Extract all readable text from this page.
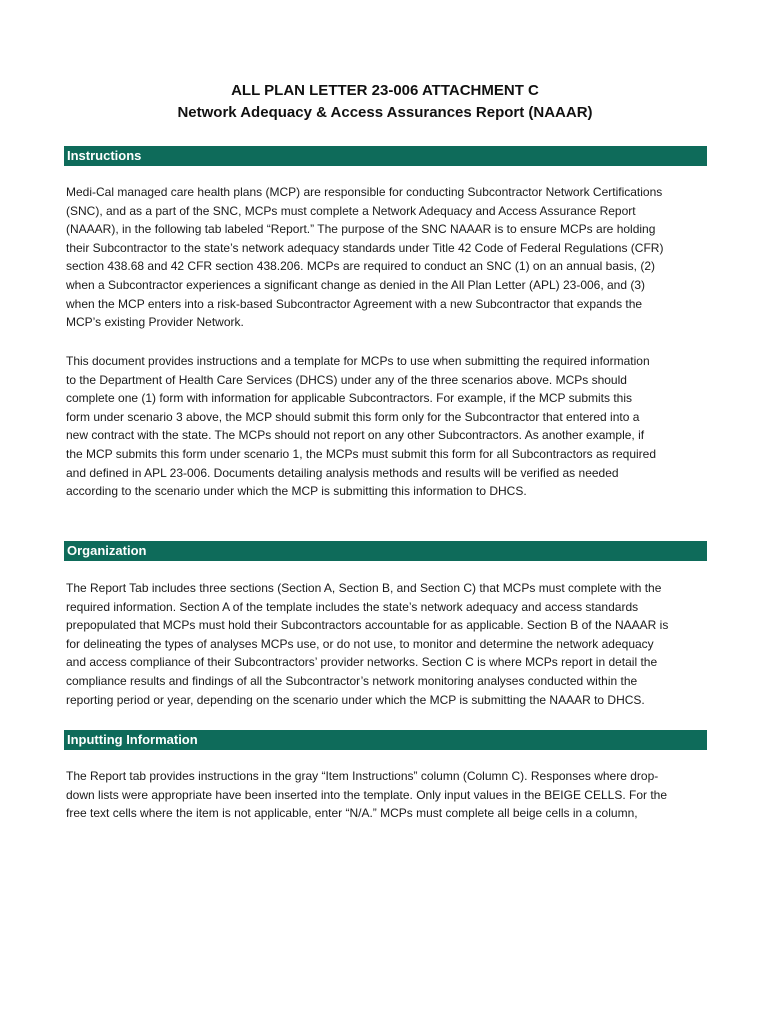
ALL PLAN LETTER 23-006 ATTACHMENT C
Network Adequacy & Access Assurances Report (NAAAR)
Instructions
Medi-Cal managed care health plans (MCP) are responsible for conducting Subcontractor Network Certifications
(SNC), and as a part of the SNC, MCPs must complete a Network Adequacy and Access Assurance Report
(NAAAR), in the following tab labeled “Report.” The purpose of the SNC NAAAR is to ensure MCPs are holding
their Subcontractor to the state’s network adequacy standards under Title 42 Code of Federal Regulations (CFR)
section 438.68 and 42 CFR section 438.206. MCPs are required to conduct an SNC (1) on an annual basis, (2)
when a Subcontractor experiences a significant change as denied in the All Plan Letter (APL) 23-006, and (3)
when the MCP enters into a risk-based Subcontractor Agreement with a new Subcontractor that expands the
MCP’s existing Provider Network.
This document provides instructions and a template for MCPs to use when submitting the required information
to the Department of Health Care Services (DHCS) under any of the three scenarios above. MCPs should
complete one (1) form with information for applicable Subcontractors. For example, if the MCP submits this
form under scenario 3 above, the MCP should submit this form only for the Subcontractor that entered into a
new contract with the state. The MCPs should not report on any other Subcontractors. As another example, if
the MCP submits this form under scenario 1, the MCPs must submit this form for all Subcontractors as required
and defined in APL 23-006. Documents detailing analysis methods and results will be verified as needed
according to the scenario under which the MCP is submitting this information to DHCS.
Organization
The Report Tab includes three sections (Section A, Section B, and Section C) that MCPs must complete with the
required information. Section A of the template includes the state’s network adequacy and access standards
prepopulated that MCPs must hold their Subcontractors accountable for as applicable. Section B of the NAAAR is
for delineating the types of analyses MCPs use, or do not use, to monitor and determine the network adequacy
and access compliance of their Subcontractors’ provider networks. Section C is where MCPs report in detail the
compliance results and findings of all the Subcontractor’s network monitoring analyses conducted within the
reporting period or year, depending on the scenario under which the MCP is submitting the NAAAR to DHCS.
Inputting Information
The Report tab provides instructions in the gray “Item Instructions” column (Column C). Responses where drop-
down lists were appropriate have been inserted into the template. Only input values in the BEIGE CELLS. For the
free text cells where the item is not applicable, enter “N/A.” MCPs must complete all beige cells in a column,
